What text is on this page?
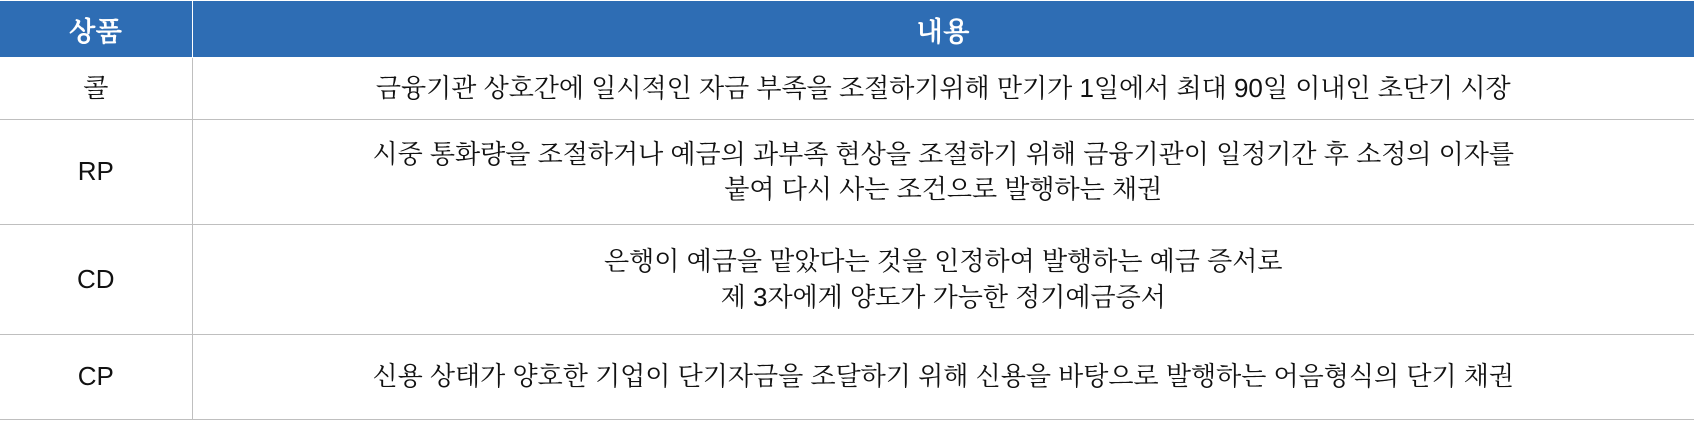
상품	내용
콜	금융기관 상호간에 일시적인 자금 부족을 조절하기위해 만기가 1일에서 최대 90일 이내인 초단기 시장

RP	시중 통화량을 조절하거나 예금의 과부족 현상을 조절하기 위해 금융기관이 일정기간 후 소정의 이자를
붙여 다시 사는 조건으로 발행하는 채권

CD	은행이 예금을 맡았다는 것을 인정하여 발행하는 예금 증서로
제 3자에게 양도가 가능한 정기예금증서

CP	신용 상태가 양호한 기업이 단기자금을 조달하기 위해 신용을 바탕으로 발행하는 어음형식의 단기 채권
